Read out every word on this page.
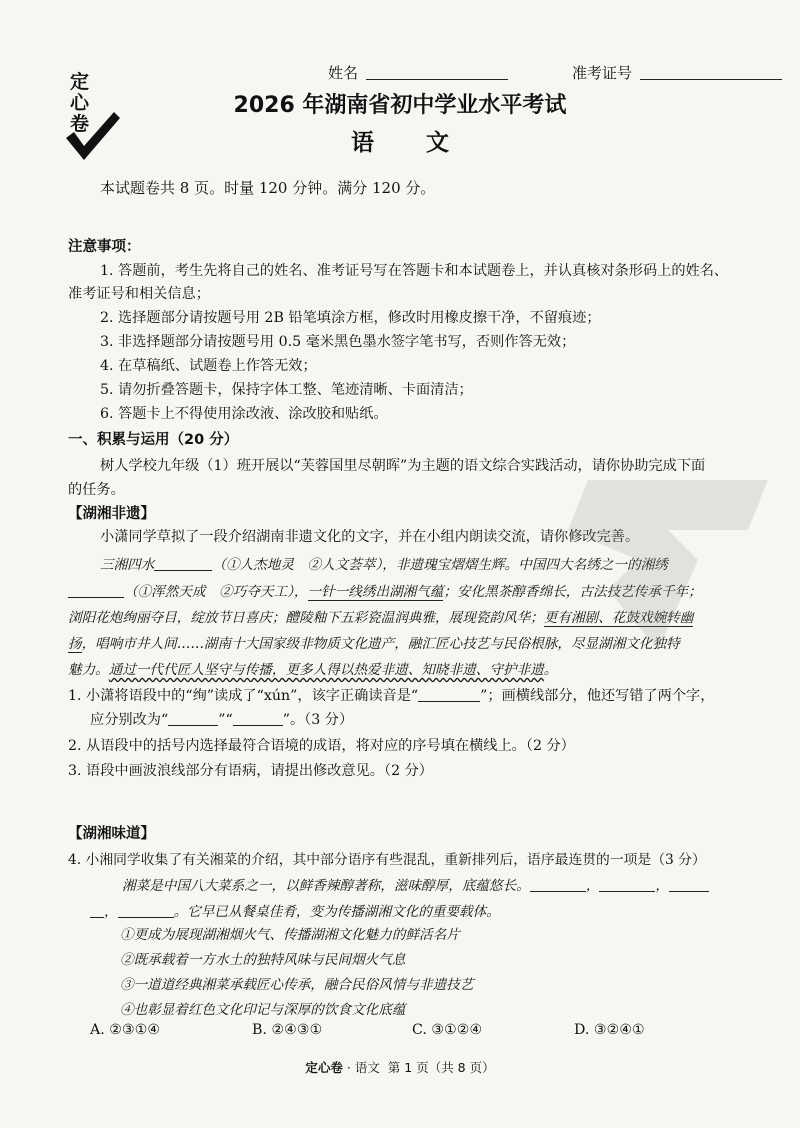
定心卷
姓名	准考证号
2026 年湖南省初中学业水平考试
语 文
本试题卷共 8 页。时量 120 分钟。满分 120 分。
注意事项：
1. 答题前，考生先将自己的姓名、准考证号写在答题卡和本试题卷上，并认真核对条形码上的姓名、
准考证号和相关信息；
2. 选择题部分请按题号用 2B 铅笔填涂方框，修改时用橡皮擦干净，不留痕迹；
3. 非选择题部分请按题号用 0.5 毫米黑色墨水签字笔书写，否则作答无效；
4. 在草稿纸、试题卷上作答无效；
5. 请勿折叠答题卡，保持字体工整、笔迹清晰、卡面清洁；
6. 答题卡上不得使用涂改液、涂改胶和贴纸。
一、积累与运用（20 分）
树人学校九年级（1）班开展以“芙蓉国里尽朝晖”为主题的语文综合实践活动，请你协助完成下面
的任务。
【湖湘非遗】
小潇同学草拟了一段介绍湖南非遗文化的文字，并在小组内朗读交流，请你修改完善。
三湘四水	（①人杰地灵　②人文荟萃），非遗瑰宝熠熠生辉。中国四大名绣之一的湘绣
（①浑然天成　②巧夺天工），一针一线绣出湖湘气蕴；安化黑茶醇香绵长，古法技艺传承千年；
浏阳花炮绚丽夺目，绽放节日喜庆；醴陵釉下五彩瓷温润典雅，展现瓷韵风华；更有湘剧、花鼓戏婉转幽
扬，唱响市井人间……湖南十大国家级非物质文化遗产，融汇匠心技艺与民俗根脉，尽显湖湘文化独特
魅力。通过一代代匠人坚守与传播，更多人得以热爱非遗、知晓非遗、守护非遗。
1. 小潇将语段中的“绚”读成了“xún”，该字正确读音是“	”；画横线部分，他还写错了两个字，
应分别改为“	”“	”。（3 分）
2. 从语段中的括号内选择最符合语境的成语，将对应的序号填在横线上。（2 分）
3. 语段中画波浪线部分有语病，请提出修改意见。（2 分）
【湖湘味道】
4. 小湘同学收集了有关湘菜的介绍，其中部分语序有些混乱，重新排列后，语序最连贯的一项是（3 分）
湘菜是中国八大菜系之一，以鲜香辣醇著称，滋味醇厚，底蕴悠长。	，	，
，	。它早已从餐桌佳肴，变为传播湖湘文化的重要载体。
①更成为展现湖湘烟火气、传播湖湘文化魅力的鲜活名片
②既承载着一方水土的独特风味与民间烟火气息
③一道道经典湘菜承载匠心传承，融合民俗风情与非遗技艺
④也彰显着红色文化印记与深厚的饮食文化底蕴
A. ②③①④	B. ②④③①	C. ③①②④	D. ③②④①
定心卷 · 语文 第 1 页（共 8 页）
